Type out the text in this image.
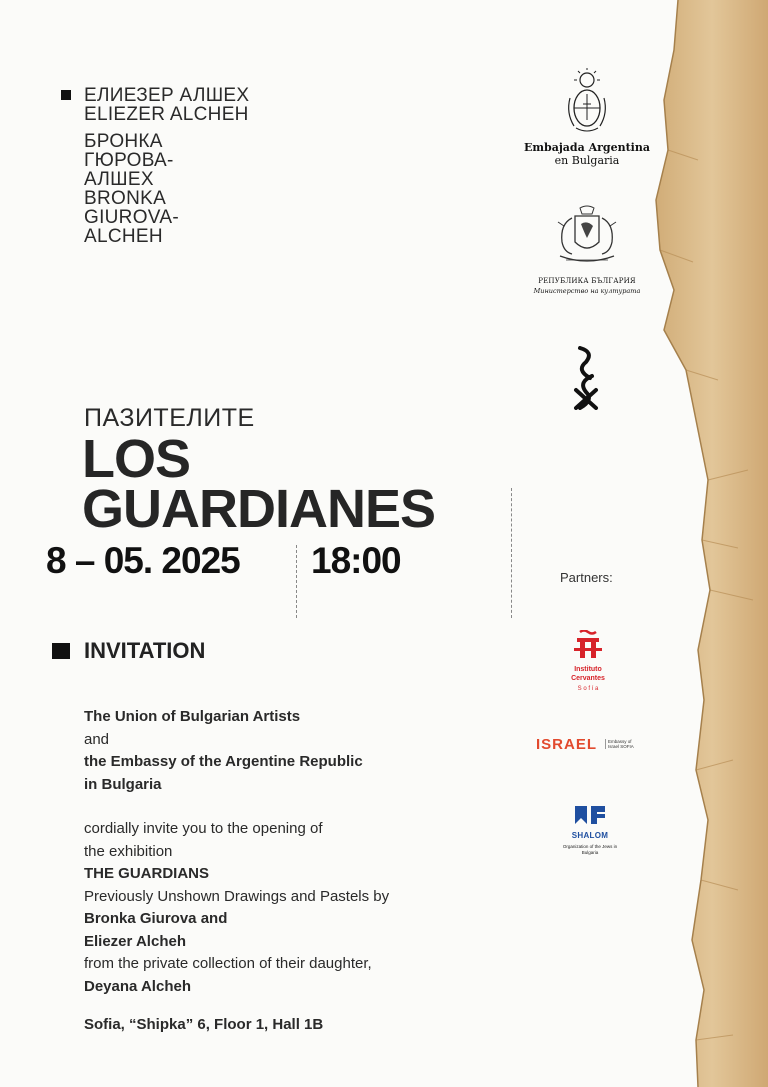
ЕЛИЕЗЕР АЛШЕХ
ELIEZER ALCHEH
БРОНКА
ГЮРОВА-
АЛШЕХ
BRONKA
GIUROVA-
ALCHEH
ПАЗИТЕЛИТЕ
LOS
GUARDIANES
8 – 05. 2025 18:00
INVITATION
The Union of Bulgarian Artists
and
the Embassy of the Argentine Republic
in Bulgaria
cordially invite you to the opening of
the exhibition
THE GUARDIANS
Previously Unshown Drawings and Pastels by
Bronka Giurova and
Eliezer Alcheh
from the private collection of their daughter,
Deyana Alcheh
Sofia, “Shipka” 6, Floor 1, Hall 1B
Embajada Argentina
en Bulgaria
РЕПУБЛИКА БЪЛГАРИЯ
Министерство на културата
Partners:
Instituto
Cervantes
S o f í a
ISRAEL	Embassy of Israel SOFIA
SHALOM
Organization of the Jews in Bulgaria
